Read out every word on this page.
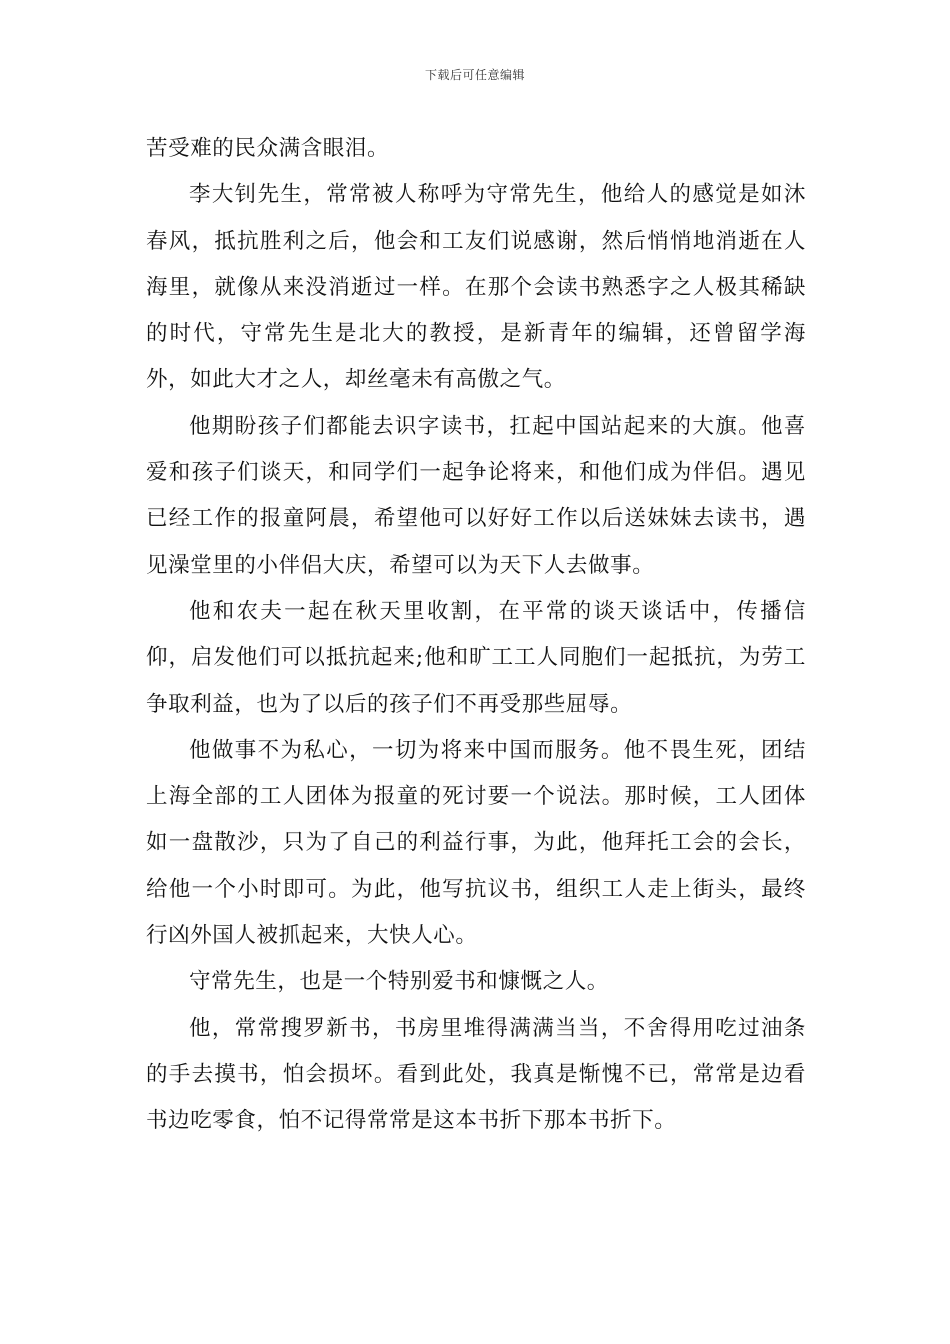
下载后可任意编辑

苦受难的民众满含眼泪。

李大钊先生，常常被人称呼为守常先生，他给人的感觉是如沐春风，抵抗胜利之后，他会和工友们说感谢，然后悄悄地消逝在人海里，就像从来没消逝过一样。在那个会读书熟悉字之人极其稀缺的时代，守常先生是北大的教授，是新青年的编辑，还曾留学海外，如此大才之人，却丝毫未有高傲之气。

他期盼孩子们都能去识字读书，扛起中国站起来的大旗。他喜爱和孩子们谈天，和同学们一起争论将来，和他们成为伴侣。遇见已经工作的报童阿晨，希望他可以好好工作以后送妹妹去读书，遇见澡堂里的小伴侣大庆，希望可以为天下人去做事。

他和农夫一起在秋天里收割，在平常的谈天谈话中，传播信仰，启发他们可以抵抗起来;他和旷工工人同胞们一起抵抗，为劳工争取利益，也为了以后的孩子们不再受那些屈辱。

他做事不为私心，一切为将来中国而服务。他不畏生死，团结上海全部的工人团体为报童的死讨要一个说法。那时候，工人团体如一盘散沙，只为了自己的利益行事，为此，他拜托工会的会长，给他一个小时即可。为此，他写抗议书，组织工人走上街头，最终行凶外国人被抓起来，大快人心。

守常先生，也是一个特别爱书和慷慨之人。

他，常常搜罗新书，书房里堆得满满当当，不舍得用吃过油条的手去摸书，怕会损坏。看到此处，我真是惭愧不已，常常是边看书边吃零食，怕不记得常常是这本书折下那本书折下。
